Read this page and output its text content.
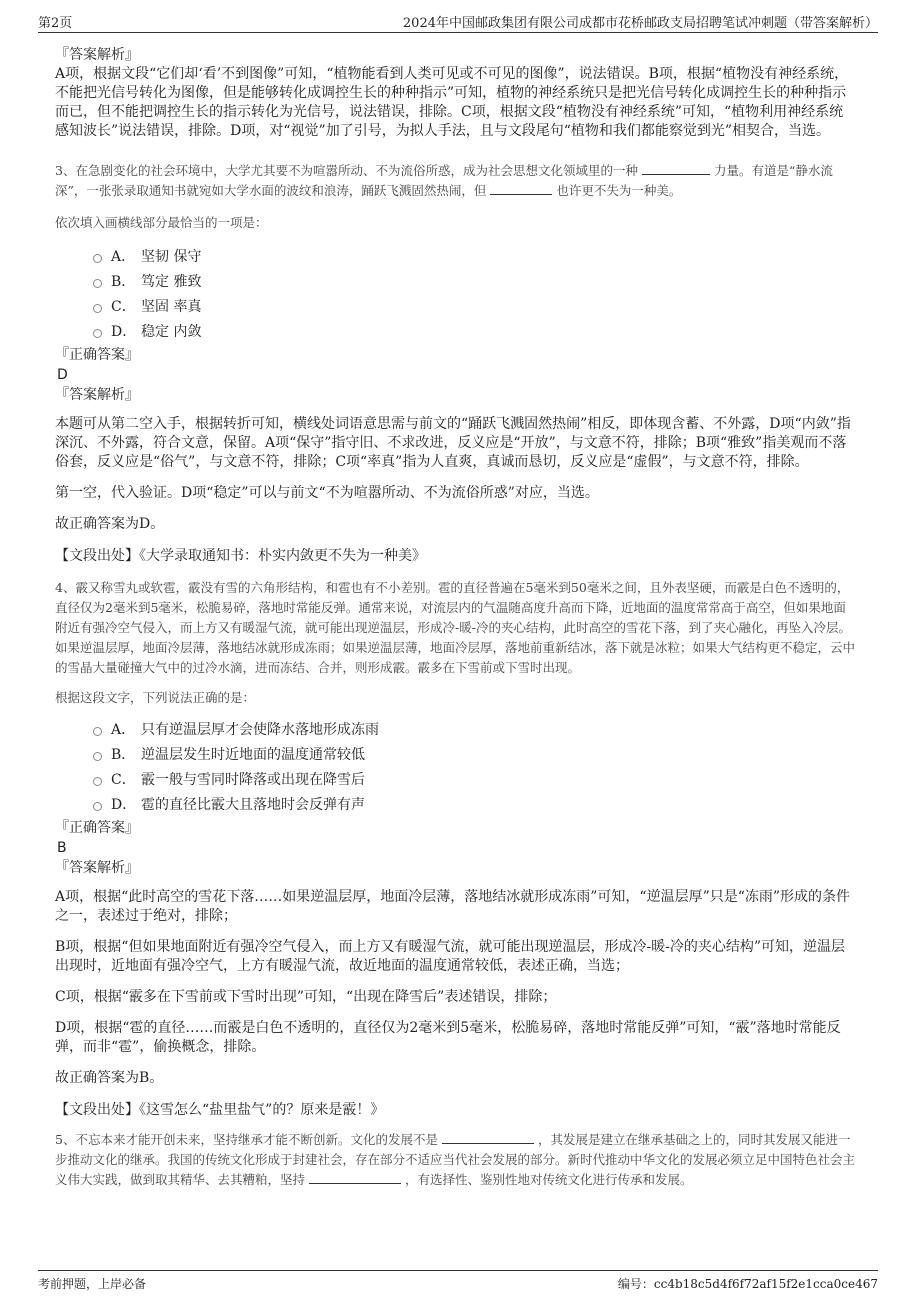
第2页	2024年中国邮政集团有限公司成都市花桥邮政支局招聘笔试冲刺题（带答案解析）
『答案解析』

A项，根据文段“它们却‘看’不到图像”可知，“植物能看到人类可见或不可见的图像”，说法错误。B项，根据“植物没有神经系统，不能把光信号转化为图像，但是能够转化成调控生长的种种指示”可知，植物的神经系统只是把光信号转化成调控生长的种种指示而已，但不能把调控生长的指示转化为光信号，说法错误，排除。C项，根据文段“植物没有神经系统”可知，“植物利用神经系统感知波长”说法错误，排除。D项，对“视觉”加了引号，为拟人手法，且与文段尾句“植物和我们都能察觉到光”相契合，当选。

3、在急剧变化的社会环境中，大学尤其要不为喧嚣所动、不为流俗所惑，成为社会思想文化领域里的一种	力量。有道是“静水流深”，一张张录取通知书就宛如大学水面的波纹和浪涛，踊跃飞溅固然热闹，但	也许更不失为一种美。

依次填入画横线部分最恰当的一项是：

A． 坚韧 保守
B． 笃定 雅致
C． 坚固 率真
D． 稳定 内敛
『正确答案』
D
『答案解析』

本题可从第二空入手，根据转折可知，横线处词语意思需与前文的“踊跃飞溅固然热闹”相反，即体现含蓄、不外露，D项“内敛”指深沉、不外露，符合文意，保留。A项“保守”指守旧、不求改进，反义应是“开放”，与文意不符，排除；B项“雅致”指美观而不落俗套，反义应是“俗气”，与文意不符，排除；C项“率真”指为人直爽，真诚而恳切，反义应是“虚假”，与文意不符，排除。

第一空，代入验证。D项“稳定”可以与前文“不为喧嚣所动、不为流俗所惑”对应，当选。

故正确答案为D。

【文段出处】《大学录取通知书：朴实内敛更不失为一种美》

4、霰又称雪丸或软雹，霰没有雪的六角形结构，和雹也有不小差别。雹的直径普遍在5毫米到50毫米之间，且外表坚硬，而霰是白色不透明的，直径仅为2毫米到5毫米，松脆易碎，落地时常能反弹。通常来说，对流层内的气温随高度升高而下降，近地面的温度常常高于高空，但如果地面附近有强冷空气侵入，而上方又有暖湿气流，就可能出现逆温层，形成冷-暖-冷的夹心结构，此时高空的雪花下落，到了夹心融化，再坠入冷层。如果逆温层厚，地面冷层薄，落地结冰就形成冻雨；如果逆温层薄，地面冷层厚，落地前重新结冰，落下就是冰粒；如果大气结构更不稳定，云中的雪晶大量碰撞大气中的过冷水滴，进而冻结、合并，则形成霰。霰多在下雪前或下雪时出现。

根据这段文字，下列说法正确的是：

A． 只有逆温层厚才会使降水落地形成冻雨
B． 逆温层发生时近地面的温度通常较低
C． 霰一般与雪同时降落或出现在降雪后
D． 雹的直径比霰大且落地时会反弹有声
『正确答案』
B
『答案解析』

A项，根据“此时高空的雪花下落……如果逆温层厚，地面冷层薄，落地结冰就形成冻雨”可知，“逆温层厚”只是“冻雨”形成的条件之一，表述过于绝对，排除；

B项，根据“但如果地面附近有强冷空气侵入，而上方又有暖湿气流，就可能出现逆温层，形成冷-暖-冷的夹心结构”可知，逆温层出现时，近地面有强冷空气，上方有暖湿气流，故近地面的温度通常较低，表述正确，当选；

C项，根据“霰多在下雪前或下雪时出现”可知，“出现在降雪后”表述错误，排除；

D项，根据“雹的直径……而霰是白色不透明的，直径仅为2毫米到5毫米，松脆易碎，落地时常能反弹”可知，“霰”落地时常能反弹，而非“雹”，偷换概念，排除。

故正确答案为B。

【文段出处】《这雪怎么“盐里盐气”的？原来是霰！》

5、不忘本来才能开创未来，坚持继承才能不断创新。文化的发展不是	，其发展是建立在继承基础之上的，同时其发展又能进一步推动文化的继承。我国的传统文化形成于封建社会，存在部分不适应当代社会发展的部分。新时代推动中华文化的发展必须立足中国特色社会主义伟大实践，做到取其精华、去其糟粕，坚持	，有选择性、鉴别性地对传统文化进行传承和发展。

考前押题，上岸必备	编号：cc4b18c5d4f6f72af15f2e1cca0ce467
